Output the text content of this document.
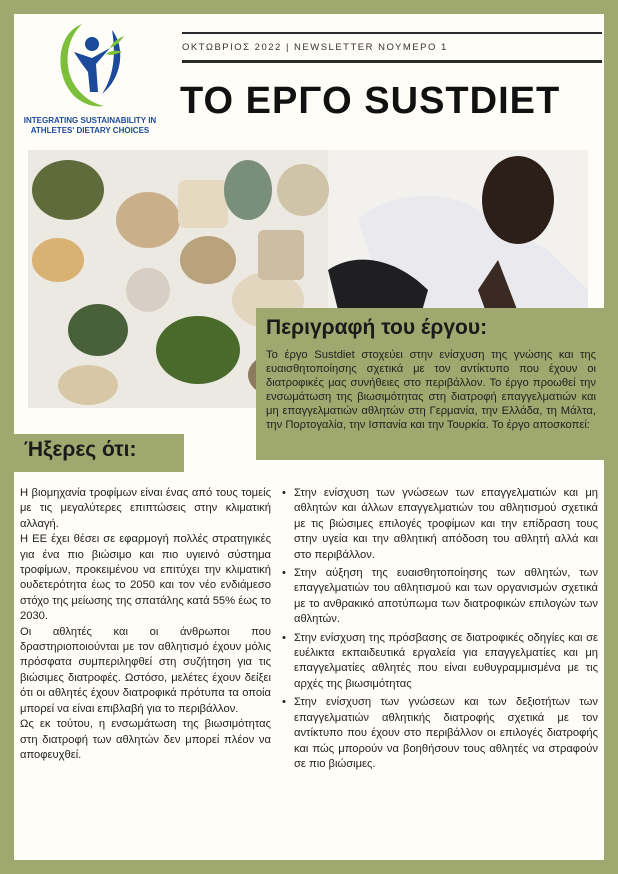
INTEGRATING SUSTAINABILITY IN ATHLETES' DIETARY CHOICES
ΟΚΤΩΒΡΙΟΣ 2022 | NEWSLETTER ΝΟΥΜΕΡΟ 1
ΤΟ ΕΡΓΟ SUSTDIET
Περιγραφή του έργου:
Το έργο Sustdiet στοχεύει στην ενίσχυση της γνώσης και της ευαισθητοποίησης σχετικά με τον αντίκτυπο που έχουν οι διατροφικές μας συνήθειες στο περιβάλλον. Το έργο προωθεί την ενσωμάτωση της βιωσιμότητας στη διατροφή επαγγελματιών και μη επαγγελματιών αθλητών στη Γερμανία, την Ελλάδα, τη Μάλτα, την Πορτογαλία, την Ισπανία και την Τουρκία. Το έργο αποσκοπεί:
Ήξερες ότι:

Η βιομηχανία τροφίμων είναι ένας από τους τομείς με τις μεγαλύτερες επιπτώσεις στην κλιματική αλλαγή.

Η ΕΕ έχει θέσει σε εφαρμογή πολλές στρατηγικές για ένα πιο βιώσιμο και πιο υγιεινό σύστημα τροφίμων, προκειμένου να επιτύχει την κλιματική ουδετερότητα έως το 2050 και τον νέο ενδιάμεσο στόχο της μείωσης της σπατάλης κατά 55% έως το 2030.

Οι αθλητές και οι άνθρωποι που δραστηριοποιούνται με τον αθλητισμό έχουν μόλις πρόσφατα συμπεριληφθεί στη συζήτηση για τις βιώσιμες διατροφές. Ωστόσο, μελέτες έχουν δείξει ότι οι αθλητές έχουν διατροφικά πρότυπα τα οποία μπορεί να είναι επιβλαβή για το περιβάλλον.

Ως εκ τούτου, η ενσωμάτωση της βιωσιμότητας στη διατροφή των αθλητών δεν μπορεί πλέον να αποφευχθεί.

• Στην ενίσχυση των γνώσεων των επαγγελματιών και μη αθλητών και άλλων επαγγελματιών του αθλητισμού σχετικά με τις βιώσιμες επιλογές τροφίμων και την επίδραση τους στην υγεία και την αθλητική απόδοση του αθλητή αλλά και στο περιβάλλον.
• Στην αύξηση της ευαισθητοποίησης των αθλητών, των επαγγελματιών του αθλητισμού και των οργανισμών σχετικά με το ανθρακικό αποτύπωμα των διατροφικών επιλογών των αθλητών.
• Στην ενίσχυση της πρόσβασης σε διατροφικές οδηγίες και σε ευέλικτα εκπαιδευτικά εργαλεία για επαγγελματίες και μη επαγγελματίες αθλητές που είναι ευθυγραμμισμένα με τις αρχές της βιωσιμότητας
• Στην ενίσχυση των γνώσεων και των δεξιοτήτων των επαγγελματιών αθλητικής διατροφής σχετικά με τον αντίκτυπο που έχουν στο περιβάλλον οι επιλογές διατροφής και πώς μπορούν να βοηθήσουν τους αθλητές να στραφούν σε πιο βιώσιμες.
